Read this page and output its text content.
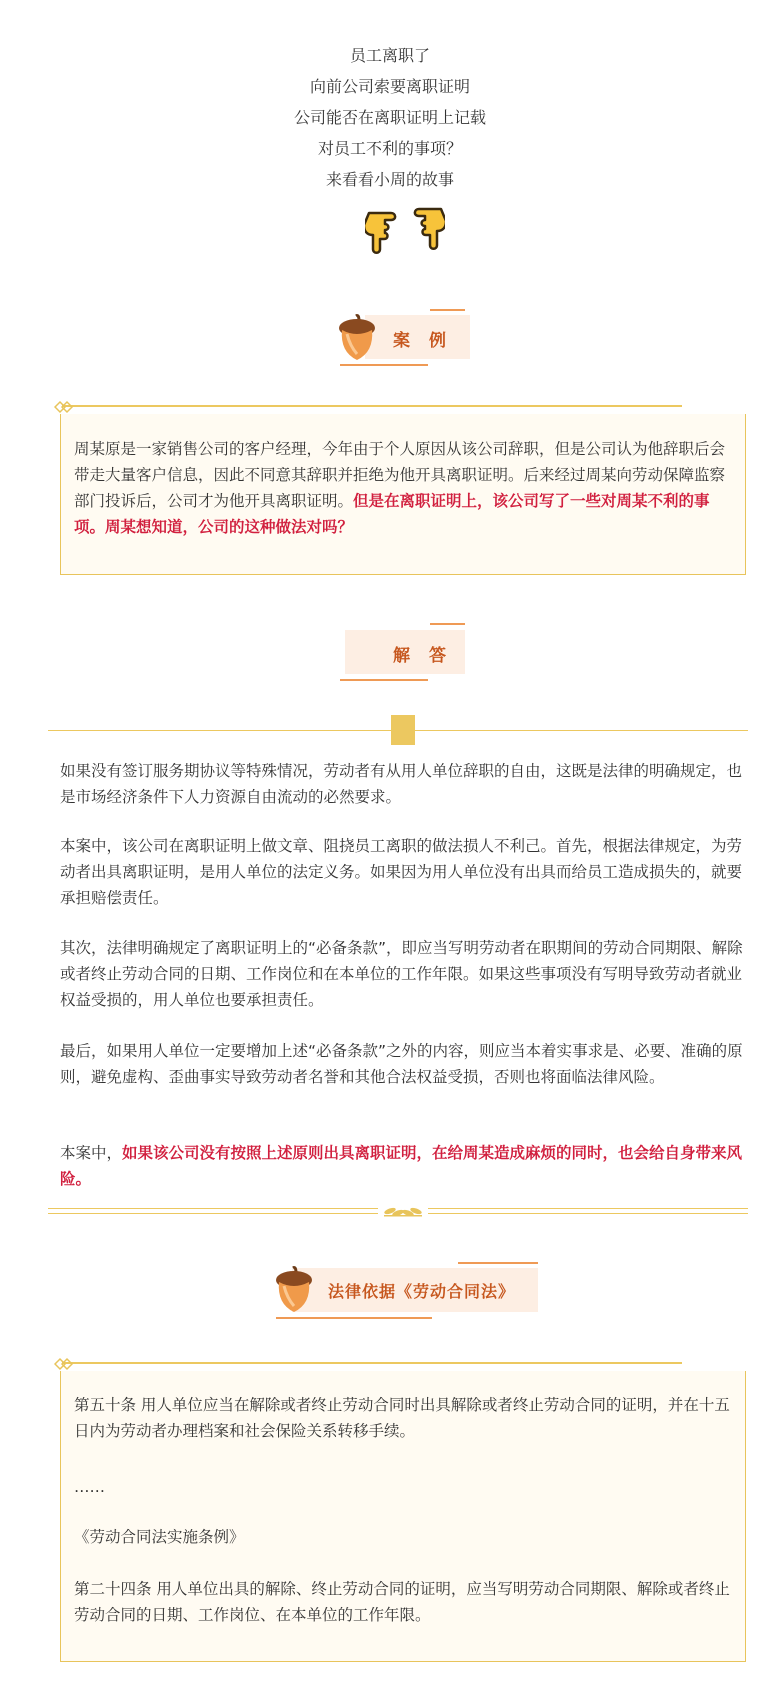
员工离职了
向前公司索要离职证明
公司能否在离职证明上记载
对员工不利的事项？
来看看小周的故事
案　例
周某原是一家销售公司的客户经理，今年由于个人原因从该公司辞职，但是公司认为他辞职后会带走大量客户信息，因此不同意其辞职并拒绝为他开具离职证明。后来经过周某向劳动保障监察部门投诉后，公司才为他开具离职证明。但是在离职证明上，该公司写了一些对周某不利的事项。周某想知道，公司的这种做法对吗？
解　答
如果没有签订服务期协议等特殊情况，劳动者有从用人单位辞职的自由，这既是法律的明确规定，也是市场经济条件下人力资源自由流动的必然要求。
本案中，该公司在离职证明上做文章、阻挠员工离职的做法损人不利己。首先，根据法律规定，为劳动者出具离职证明，是用人单位的法定义务。如果因为用人单位没有出具而给员工造成损失的，就要承担赔偿责任。
其次，法律明确规定了离职证明上的“必备条款”，即应当写明劳动者在职期间的劳动合同期限、解除或者终止劳动合同的日期、工作岗位和在本单位的工作年限。如果这些事项没有写明导致劳动者就业权益受损的，用人单位也要承担责任。
最后，如果用人单位一定要增加上述“必备条款”之外的内容，则应当本着实事求是、必要、准确的原则，避免虚构、歪曲事实导致劳动者名誉和其他合法权益受损，否则也将面临法律风险。
本案中，如果该公司没有按照上述原则出具离职证明，在给周某造成麻烦的同时，也会给自身带来风险。
法律依据《劳动合同法》
第五十条 用人单位应当在解除或者终止劳动合同时出具解除或者终止劳动合同的证明，并在十五日内为劳动者办理档案和社会保险关系转移手续。
……
《劳动合同法实施条例》
第二十四条 用人单位出具的解除、终止劳动合同的证明，应当写明劳动合同期限、解除或者终止劳动合同的日期、工作岗位、在本单位的工作年限。
